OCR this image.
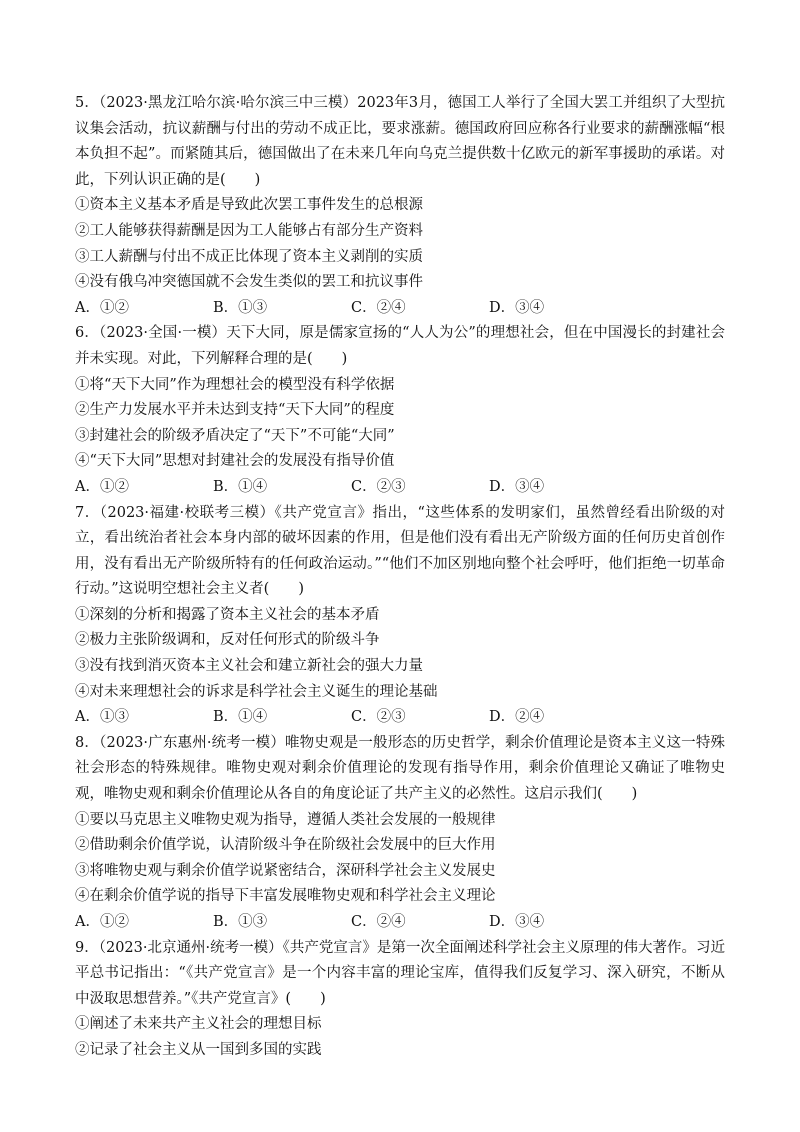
5．（2023·黑龙江哈尔滨·哈尔滨三中三模）2023年3月，德国工人举行了全国大罢工并组织了大型抗议集会活动，抗议薪酬与付出的劳动不成正比，要求涨薪。德国政府回应称各行业要求的薪酬涨幅“根本负担不起”。而紧随其后，德国做出了在未来几年向乌克兰提供数十亿欧元的新军事援助的承诺。对此，下列认识正确的是(　　)

①资本主义基本矛盾是导致此次罢工事件发生的总根源

②工人能够获得薪酬是因为工人能够占有部分生产资料

③工人薪酬与付出不成正比体现了资本主义剥削的实质

④没有俄乌冲突德国就不会发生类似的罢工和抗议事件

A．①②	B．①③	C．②④	D．③④

6．（2023·全国·一模）天下大同，原是儒家宣扬的“人人为公”的理想社会，但在中国漫长的封建社会并未实现。对此，下列解释合理的是(　　)

①将“天下大同”作为理想社会的模型没有科学依据

②生产力发展水平并未达到支持“天下大同”的程度

③封建社会的阶级矛盾决定了“天下”不可能“大同”

④“天下大同”思想对封建社会的发展没有指导价值

A．①②	B．①④	C．②③	D．③④

7．（2023·福建·校联考三模）《共产党宣言》指出，“这些体系的发明家们，虽然曾经看出阶级的对立，看出统治者社会本身内部的破坏因素的作用，但是他们没有看出无产阶级方面的任何历史首创作用，没有看出无产阶级所特有的任何政治运动。”“他们不加区别地向整个社会呼吁，他们拒绝一切革命行动。”这说明空想社会主义者(　　)

①深刻的分析和揭露了资本主义社会的基本矛盾

②极力主张阶级调和，反对任何形式的阶级斗争

③没有找到消灭资本主义社会和建立新社会的强大力量

④对未来理想社会的诉求是科学社会主义诞生的理论基础

A．①③	B．①④	C．②③	D．②④

8．（2023·广东惠州·统考一模）唯物史观是一般形态的历史哲学，剩余价值理论是资本主义这一特殊社会形态的特殊规律。唯物史观对剩余价值理论的发现有指导作用，剩余价值理论又确证了唯物史观，唯物史观和剩余价值理论从各自的角度论证了共产主义的必然性。这启示我们(　　)

①要以马克思主义唯物史观为指导，遵循人类社会发展的一般规律

②借助剩余价值学说，认清阶级斗争在阶级社会发展中的巨大作用

③将唯物史观与剩余价值学说紧密结合，深研科学社会主义发展史

④在剩余价值学说的指导下丰富发展唯物史观和科学社会主义理论

A．①②	B．①③	C．②④	D．③④

9．（2023·北京通州·统考一模）《共产党宣言》是第一次全面阐述科学社会主义原理的伟大著作。习近平总书记指出：“《共产党宣言》是一个内容丰富的理论宝库，值得我们反复学习、深入研究，不断从中汲取思想营养。”《共产党宣言》(　　)

①阐述了未来共产主义社会的理想目标

②记录了社会主义从一国到多国的实践
